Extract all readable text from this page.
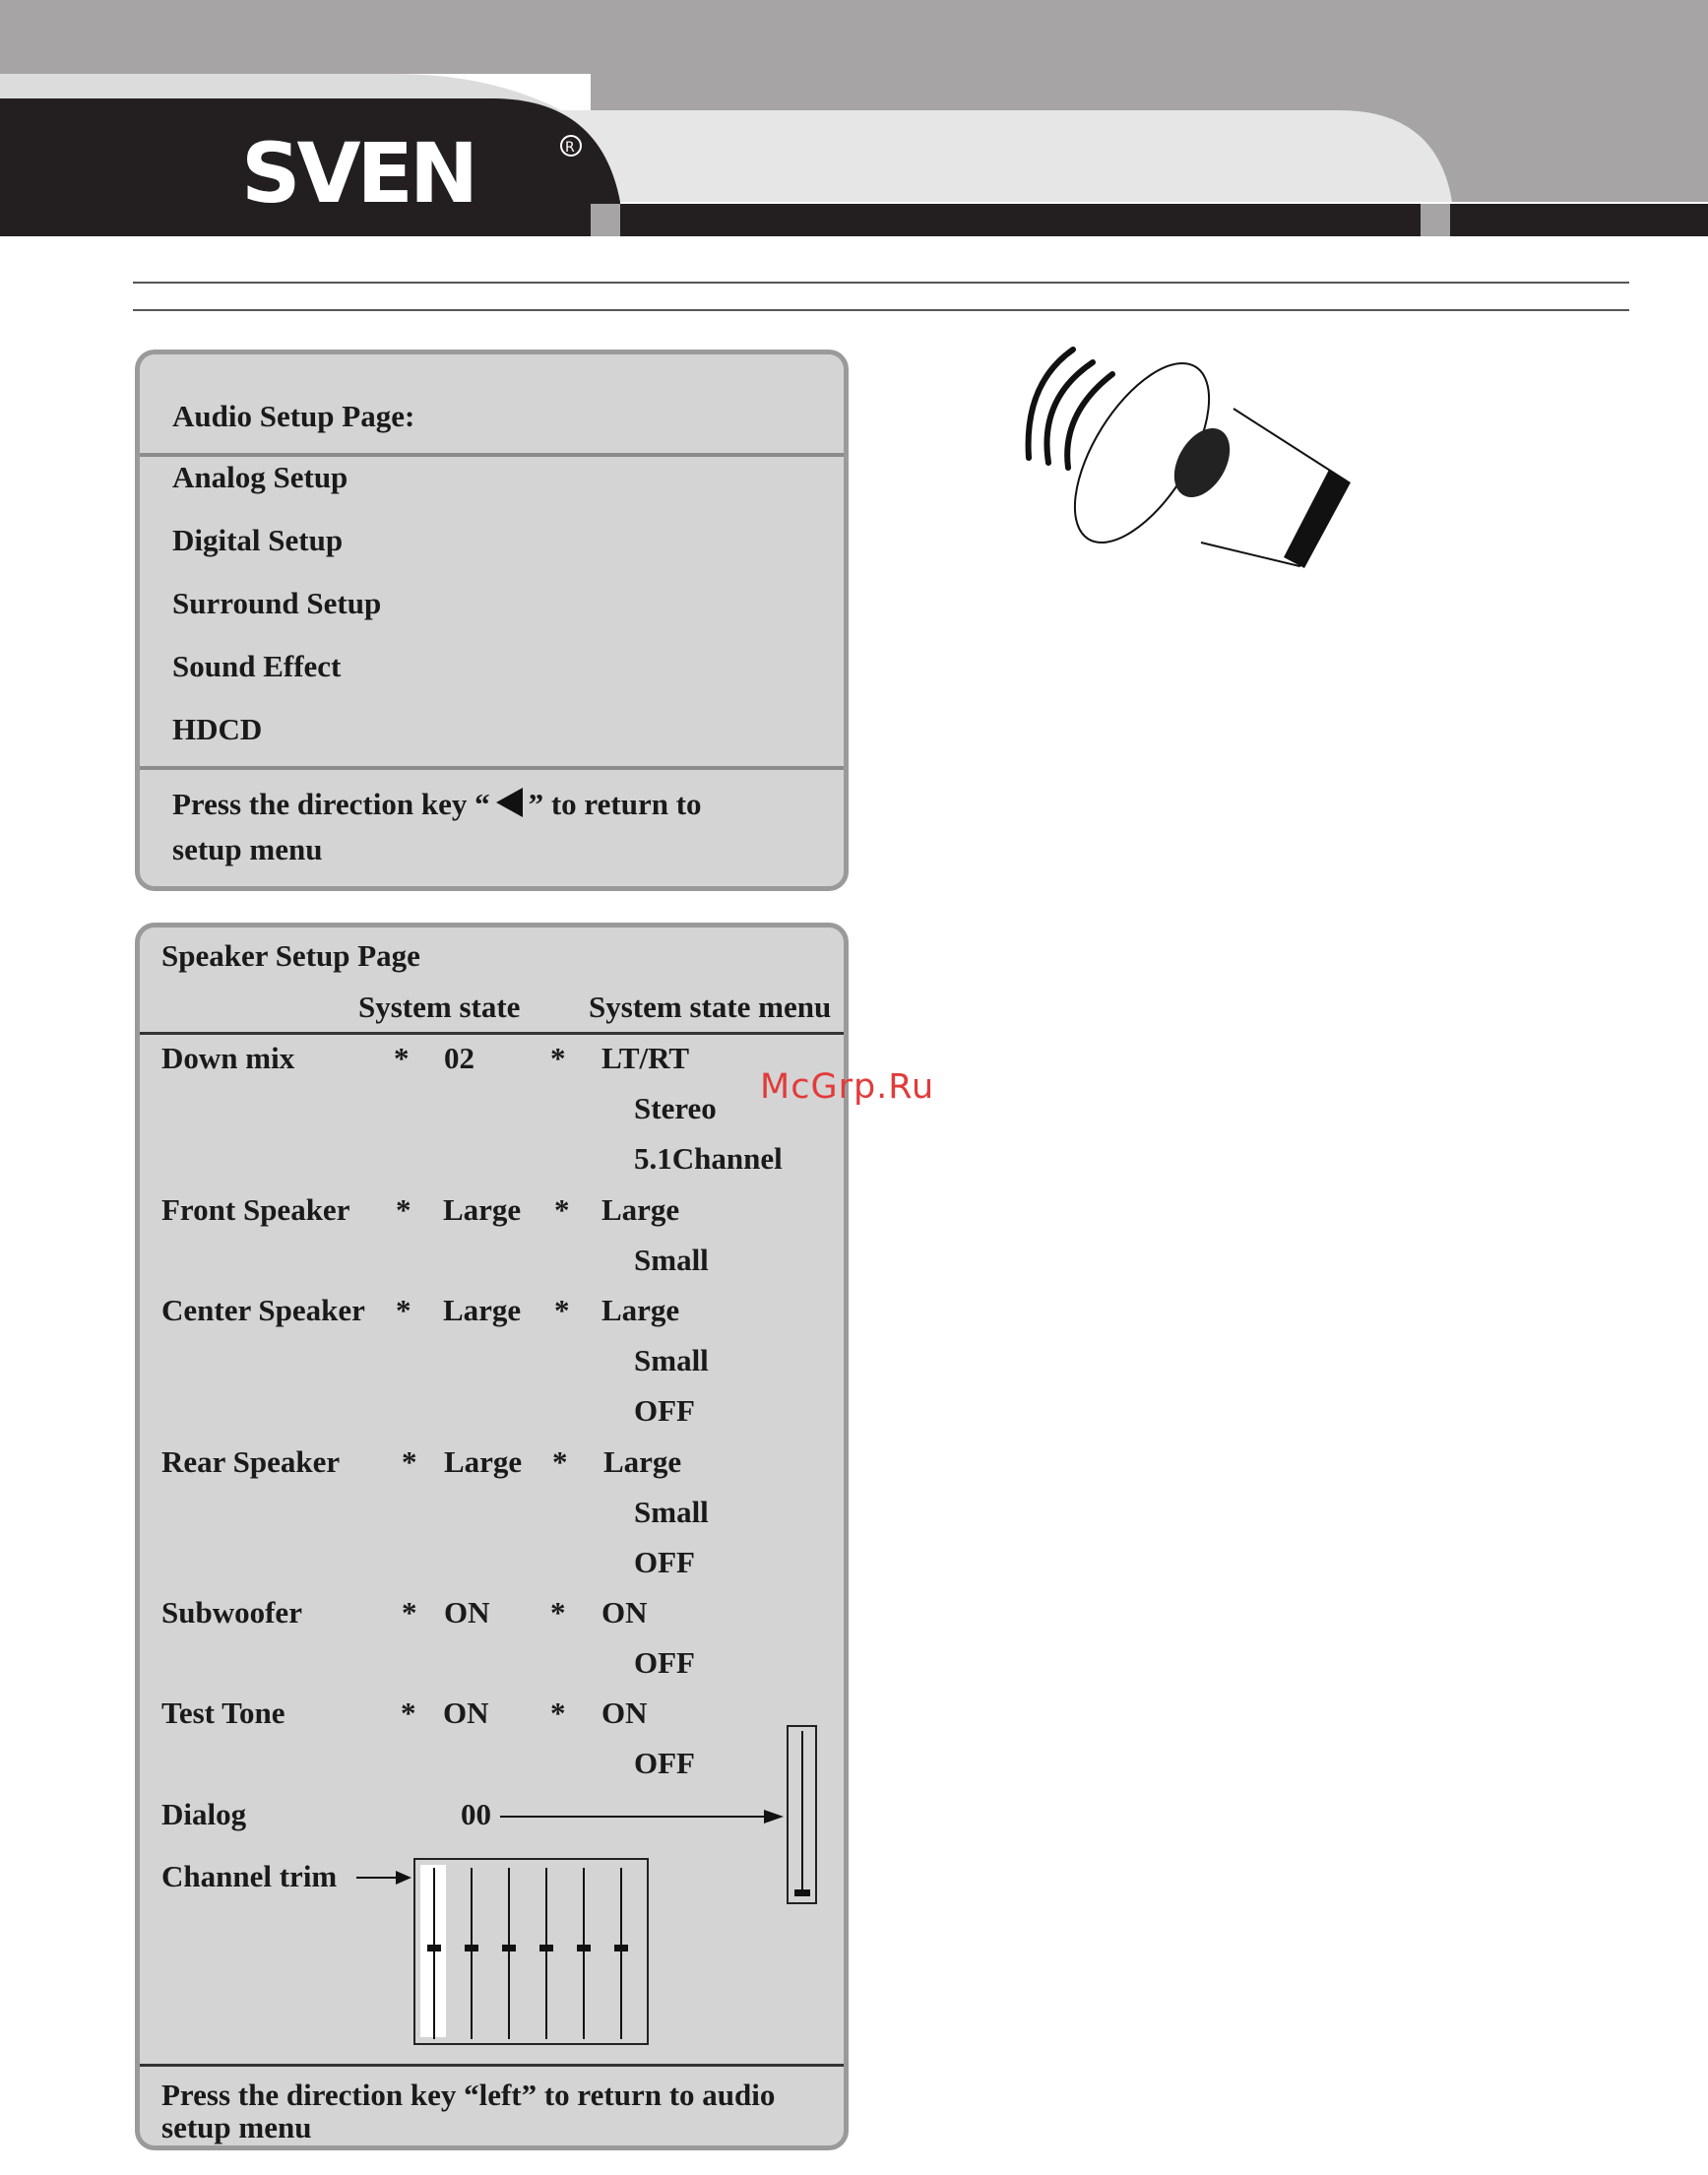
SVEN	R
Audio Setup Page:
Analog Setup
Digital Setup
Surround Setup
Sound Effect
HDCD
Press the direction key “ ” to return to
setup menu
Speaker Setup Page
System state System state menu
Down mix	* 02 * LT/RT
Stereo
5.1Channel
Front Speaker * Large * Large
Small
Center Speaker * Large * Large
Small
OFF
Rear Speaker * Large * Large
Small
OFF
Subwoofer	* ON * ON
OFF
Test Tone	* ON * ON
OFF
Dialog	00
Channel trim
Press the direction key “left” to return to audio
setup menu
McGrp.Ru
